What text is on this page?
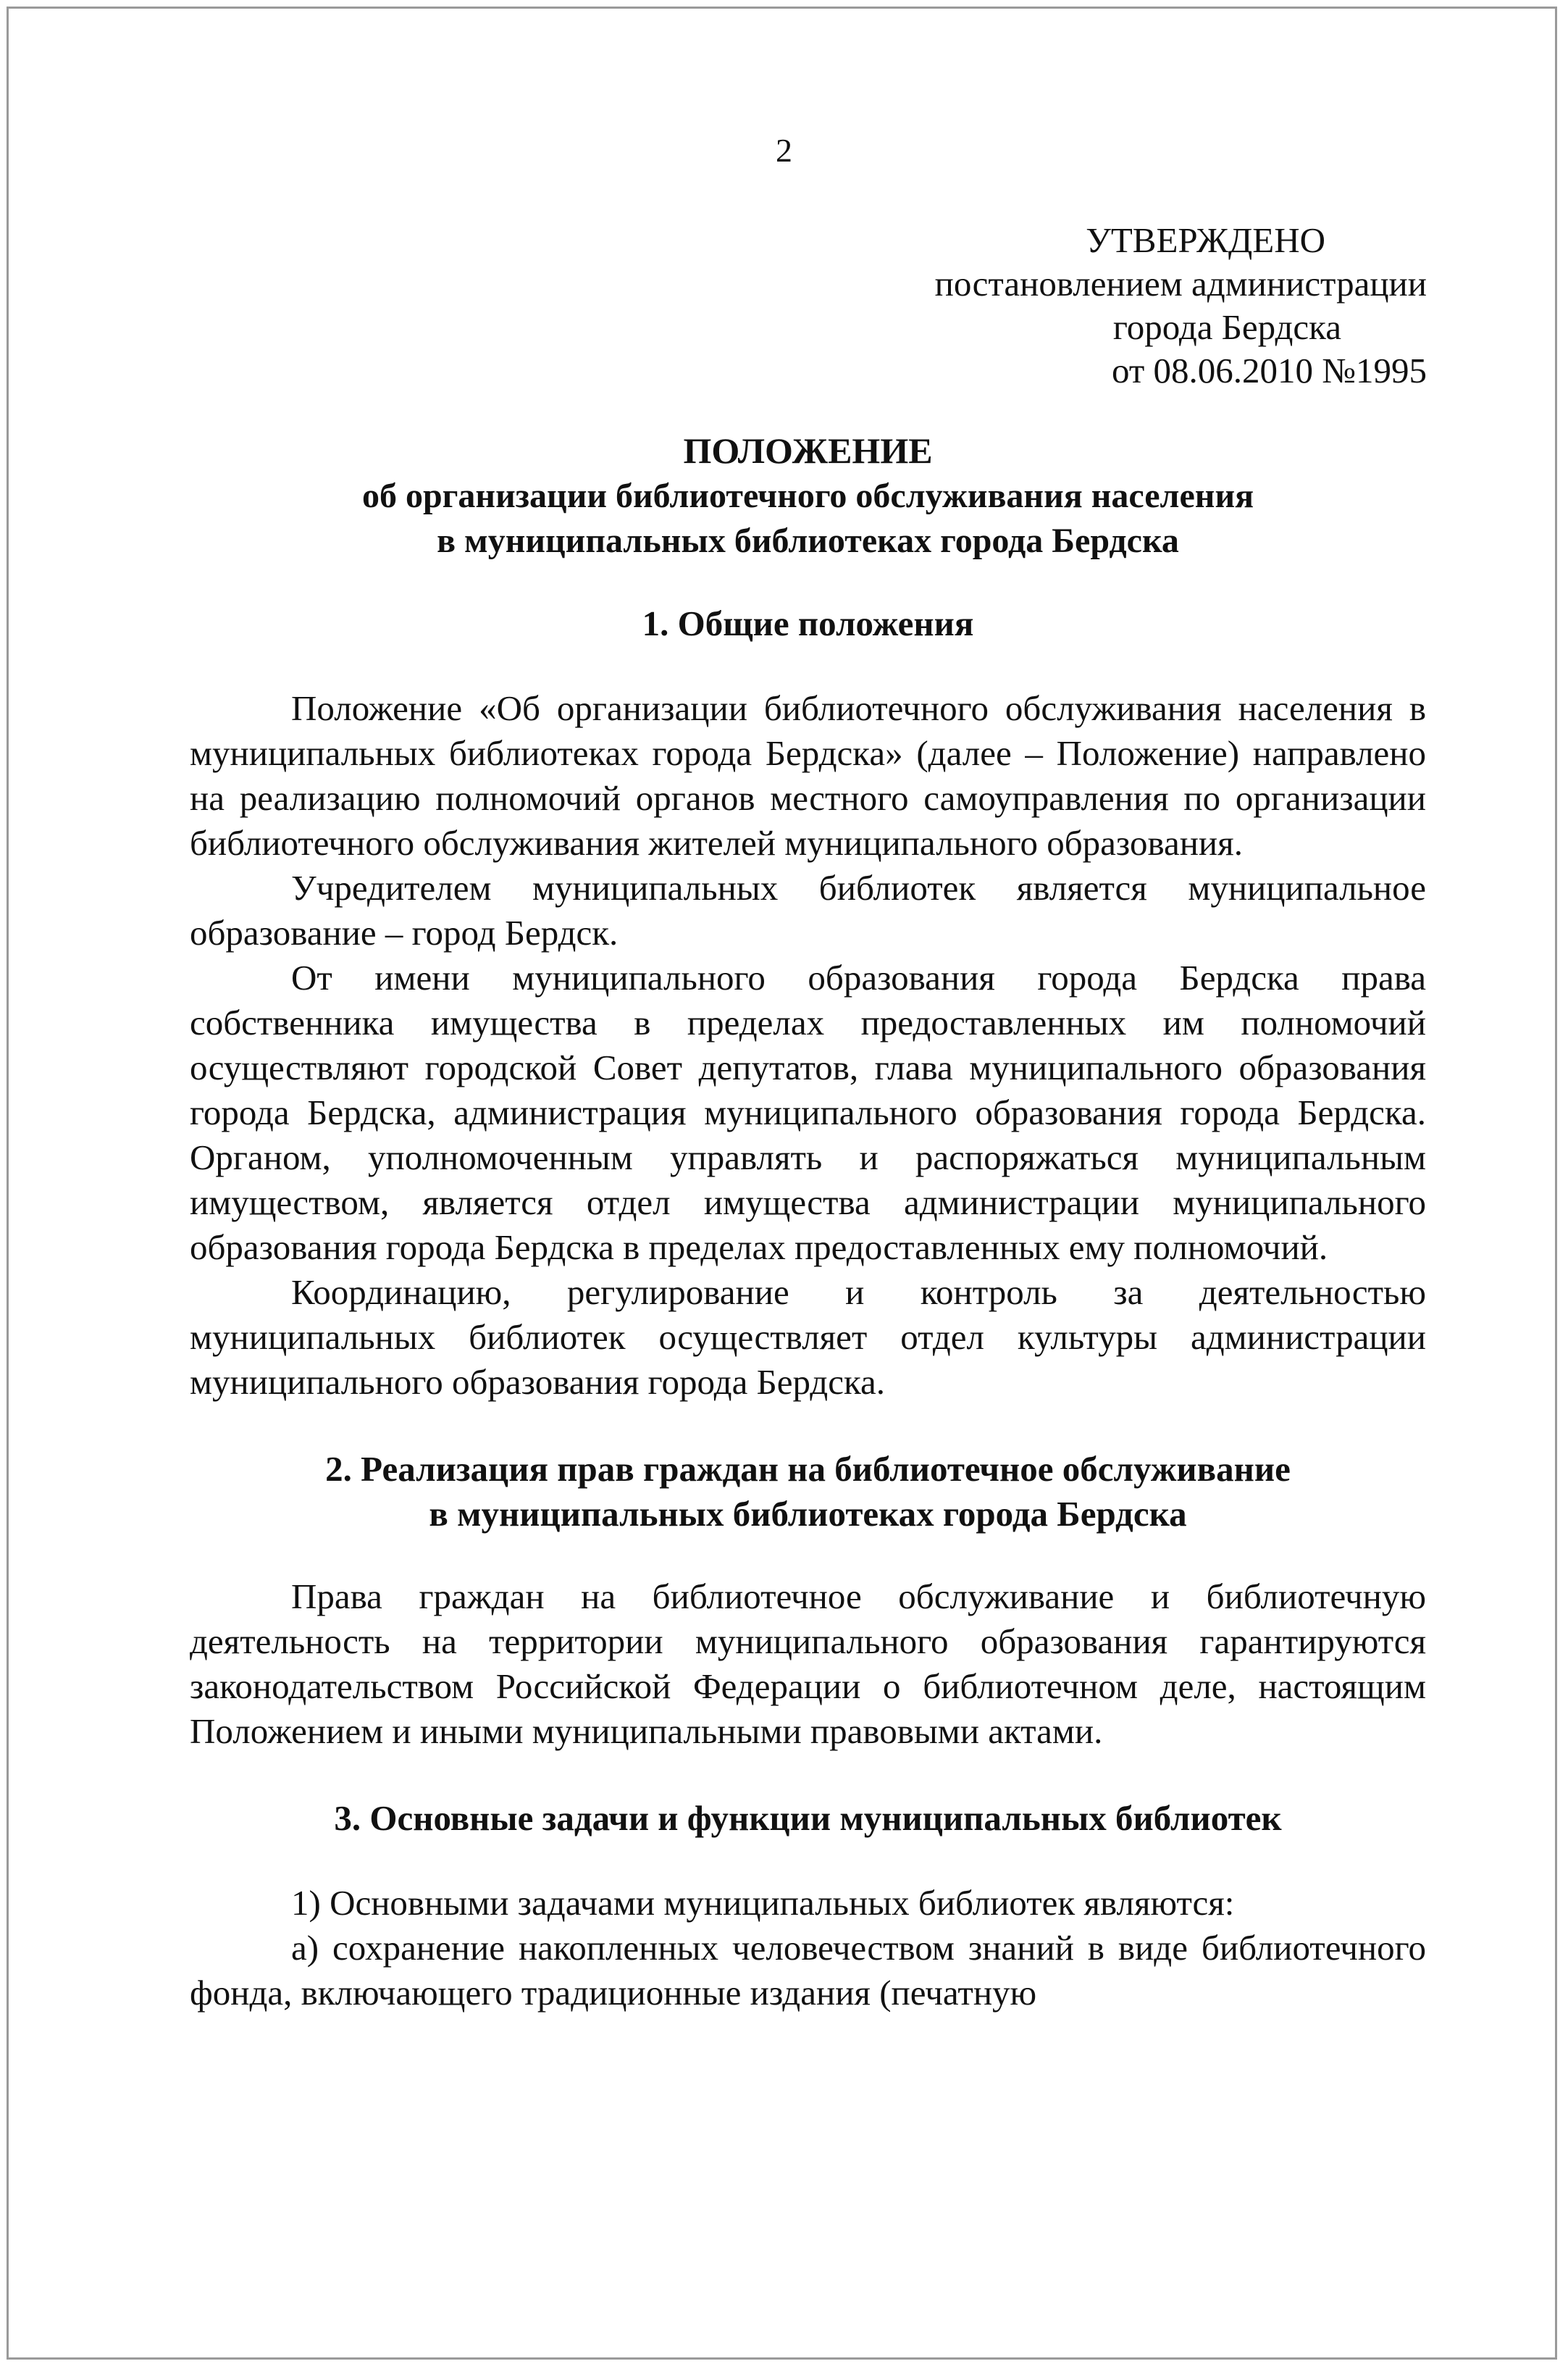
2
УТВЕРЖДЕНО
постановлением администрации
города Бердска
от 08.06.2010 №1995

ПОЛОЖЕНИЕ

об организации библиотечного обслуживания населения

в муниципальных библиотеках города Бердска

1. Общие положения

Положение «Об организации библиотечного обслуживания населения в муниципальных библиотеках города Бердска» (далее – Положение) направлено на реализацию полномочий органов местного самоуправления по организации библиотечного обслуживания жителей муниципального образования.

Учредителем муниципальных библиотек является муниципальное образование – город Бердск.

От имени муниципального образования города Бердска права собственника имущества в пределах предоставленных им полномочий осуществляют городской Совет депутатов, глава муниципального образования города Бердска, администрация муниципального образования города Бердска. Органом, уполномоченным управлять и распоряжаться муниципальным имуществом, является отдел имущества администрации муниципального образования города Бердска в пределах предоставленных ему полномочий.

Координацию, регулирование и контроль за деятельностью муниципальных библиотек осуществляет отдел культуры администрации муниципального образования города Бердска.

2. Реализация прав граждан на библиотечное обслуживание

в муниципальных библиотеках города Бердска

Права граждан на библиотечное обслуживание и библиотечную деятельность на территории муниципального образования гарантируются законодательством Российской Федерации о библиотечном деле, настоящим Положением и иными муниципальными правовыми актами.

3. Основные задачи и функции муниципальных библиотек

1) Основными задачами муниципальных библиотек являются:

а) сохранение накопленных человечеством знаний в виде библиотечного фонда, включающего традиционные издания (печатную
